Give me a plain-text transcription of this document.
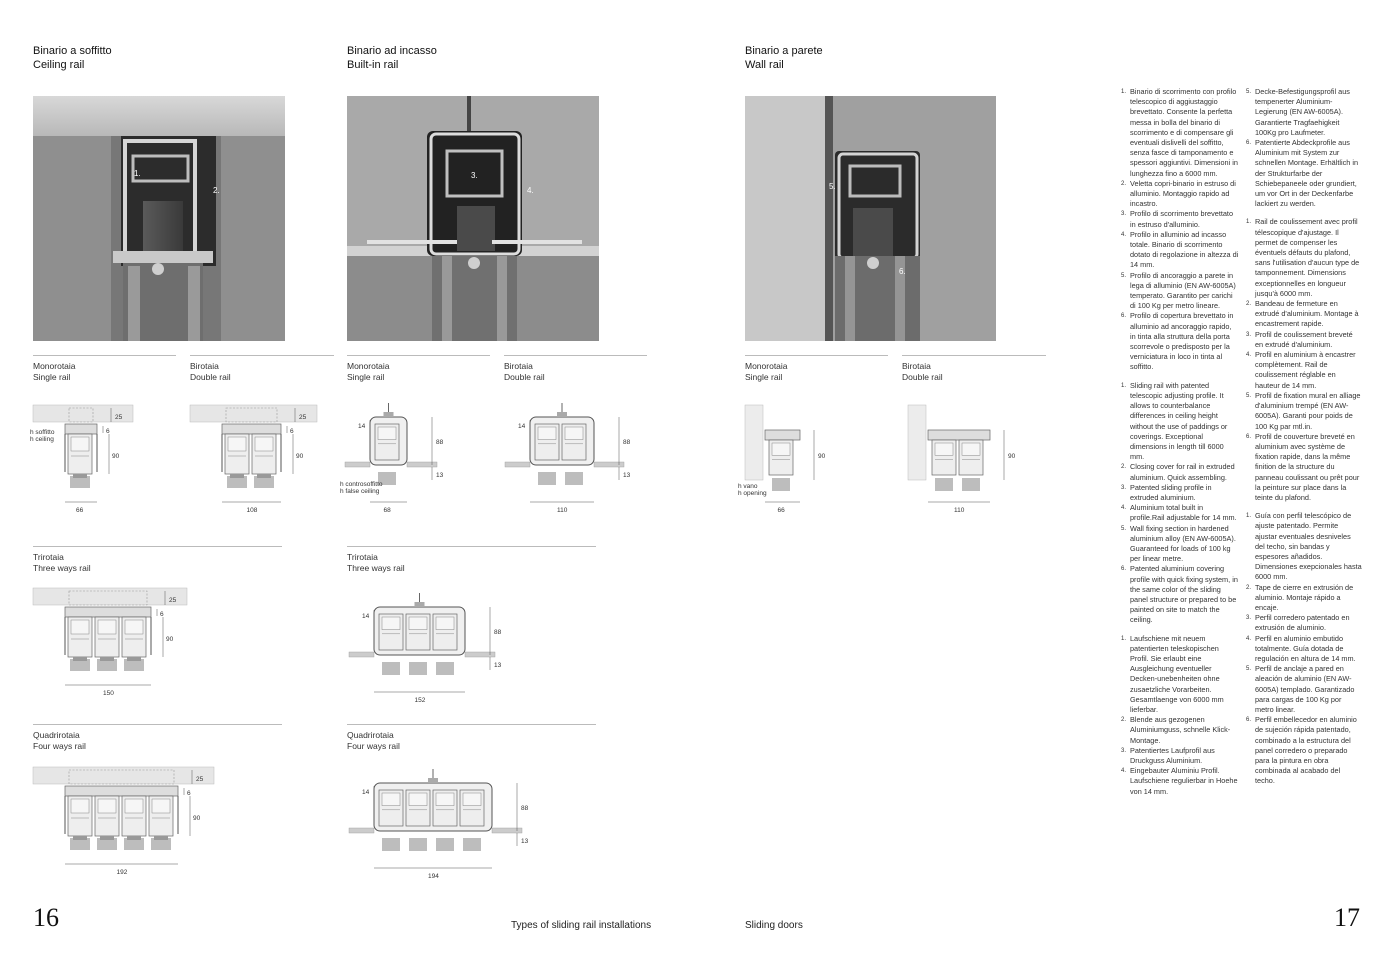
Binario a soffitto
Ceiling rail
Binario ad incasso
Built-in rail
Binario a parete
Wall rail
1.
2.
3.
4.	5.
6.
Monorotaia
Single rail
Birotaia
Double rail
Monorotaia
Single rail
Birotaia
Double rail
Monorotaia
Single rail
Birotaia
Double rail
Trirotaia
Three ways rail
Trirotaia
Three ways rail
Quadrirotaia
Four ways rail
Quadrirotaia
Four ways rail
25
6
90
66
h soffitto
h ceiling
25
6
90
108
14
88
13
68
h controsoffitto
h false ceiling
14
88
13
110
90
66
h vano
h opening
90
110
25
6
90
150
14
88
13
152
25
6
90
192
14
88
13
194
1. Binario di scorrimento con profilo telescopico di aggiustaggio brevettato. Consente la perfetta messa in bolla del binario di scorrimento e di compensare gli eventuali dislivelli del soffitto, senza fasce di tamponamento e spessori aggiuntivi. Dimensioni in lunghezza fino a 6000 mm.
2. Veletta copri-binario in estruso di alluminio. Montaggio rapido ad incastro.
3. Profilo di scorrimento brevettato in estruso d'alluminio.
4. Profilo in alluminio ad incasso totale. Binario di scorrimento dotato di regolazione in altezza di 14 mm.
5. Profilo di ancoraggio a parete in lega di alluminio (EN AW-6005A) temperato. Garantito per carichi di 100 Kg per metro lineare.
6. Profilo di copertura brevettato in alluminio ad ancoraggio rapido, in tinta alla struttura della porta scorrevole o predisposto per la verniciatura in loco in tinta al soffitto.
1. Sliding rail with patented telescopic adjusting profile. It allows to counterbalance differences in ceiling height without the use of paddings or coverings. Exceptional dimensions in length till 6000 mm.
2. Closing cover for rail in extruded aluminium. Quick assembling.
3. Patented sliding profile in extruded aluminium.
4. Aluminium total built in profile.Rail adjustable for 14 mm.
5. Wall fixing section in hardened aluminium alloy (EN AW-6005A). Guaranteed for loads of 100 kg per linear metre.
6. Patented aluminium covering profile with quick fixing system, in the same color of the sliding panel structure or prepared to be painted on site to match the ceiling.
1. Laufschiene mit neuem patentierten teleskopischen Profil. Sie erlaubt eine Ausgleichung eventueller Decken-unebenheiten ohne zusaetzliche Vorarbeiten. Gesamtlaenge von 6000 mm lieferbar.
2. Blende aus gezogenen Aluminiumguss, schnelle Klick-Montage.
3. Patentiertes Laufprofil aus Druckguss Aluminium.
4. Eingebauter Aluminiu Profil. Laufschiene regulierbar in Hoehe von 14 mm.
5. Decke-Befestigungsprofil aus tempenerter Aluminium-Legierung (EN AW-6005A). Garantierte Tragfaehigkeit 100Kg pro Laufmeter.
6. Patentierte Abdeckprofile aus Aluminium mit System zur schnellen Montage. Erhältlich in der Strukturfarbe der Schiebepaneele oder grundiert, um vor Ort in der Deckenfarbe lackiert zu werden.
1. Rail de coulissement avec profil télescopique d'ajustage. Il permet de compenser les éventuels défauts du plafond, sans l'utilisation d'aucun type de tamponnement. Dimensions exceptionnelles en longueur jusqu'à 6000 mm.
2. Bandeau de fermeture en extrudé d'aluminium. Montage à encastrement rapide.
3. Profil de coulissement breveté en extrudé d'aluminium.
4. Profil en aluminium à encastrer complètement. Rail de coulissement réglable en hauteur de 14 mm.
5. Profil de fixation mural en alliage d'aluminium trempé (EN AW-6005A). Garanti pour poids de 100 Kg par mtl.in.
6. Profil de couverture breveté en aluminium avec système de fixation rapide, dans la même finition de la structure du panneau coulissant ou prêt pour la peinture sur place dans la teinte du plafond.
1. Guía con perfil telescópico de ajuste patentado. Permite ajustar eventuales desniveles del techo, sin bandas y espesores añadidos. Dimensiones exepcionales hasta 6000 mm.
2. Tape de cierre en extrusión de aluminio. Montaje rápido a encaje.
3. Perfil corredero patentado en extrusión de aluminio.
4. Perfil en aluminio embutido totalmente. Guía dotada de regulación en altura de 14 mm.
5. Perfil de anclaje a pared en aleación de aluminio (EN AW-6005A) templado. Garantizado para cargas de 100 Kg por metro linear.
6. Perfil embellecedor en aluminio de sujeción rápida patentado, combinado a la estructura del panel corredero o preparado para la pintura en obra combinada al acabado del techo.
16	17
Types of sliding rail installations	Sliding doors
